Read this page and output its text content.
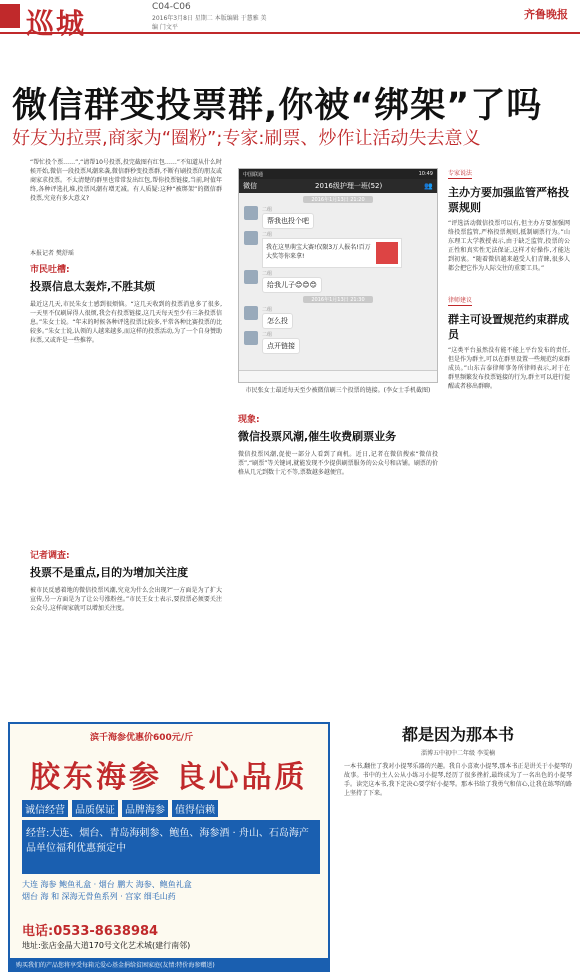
巡城	C04-C06
2016年3月8日 星期二 本版编辑 于慧雅 美编 门文平
齐鲁晚报
微信群变投票群,你被“绑架”了吗
好友为拉票,商家为“圈粉”;专家:刷票、炒作让活动失去意义
“帮忙投个票……”,“请帮10号投票,投完截图有红包……”不知道从什么时候开始,微信一段投票风潮来袭,微信群秒变投票群,不断有刷投票的朋友或商家求投票。不太清楚的群里也常常发出红包,帮你投票链接,当前,时值年终,各种评选扎堆,投票风潮有增无减。有人质疑:这种“被绑架”的微信群投票,究竟有多大意义?
本报记者 樊舒瑶
市民吐槽:
投票信息太轰炸,不胜其烦
最近这几天,市民朱女士感到很烦恼。“这几天收到的投票消息多了很多,一天里不仅刷屏得人很烦,我会有投票链接,这几天每天至少有三条投票信息。”朱女士说。“年末的时候各种评选投票比较多,平常各种比赛投票的比较多。”朱女士说,认领的人越来越多,而这样的投票活动,为了一个自身赞助拉票,又或许是一些推荐。
记者调查:
投票不是重点,目的为增加关注度
被市民反感着地的微信投票风潮,究竟为什么会出现?“一方面是为了扩大宣传,另一方面是为了让公号涨粉丝。”市民王女士表示,要投票必须要关注公众号,这样商家就可以增加关注度。
中国联通	10:49
微信	2016级护理一班(52)	👥
2016年1月13日 21:20
二组
帮我也投个吧
二组
我在这里萌宝大赛!仅限3万人报名!百万大奖等你来拿!
二组
给我儿子😊😊😊
2016年1月13日 21:30
二组
怎么投
二组
点开链接
市民张女士最近每天至少被微信刷三个投票的链接。(李女士手机截图)
现象:
微信投票风潮,催生收费刷票业务
微信投票风潮,促使一部分人看到了商机。近日,记者在微信搜索“微信投票”,“刷票”等关键词,就能发现不少提供刷票服务的公众号和店铺。刷票的价格从几元到数十元不等,票数越多越便宜。
专家说法
主办方要加强监管严格投票规则
“评选活动微信投票可以有,但主办方要加强网络投票监管,严格投票规则,抵制刷票行为。”山东理工大学教授表示,由于缺乏监管,投票的公正性和真实性无法保证,这样才好操作,才能达到初衷。“随着微信越来越受人们青睐,很多人都会把它作为人际交往的重要工具。”
律师建议
群主可设置规范约束群成员
“这类平台虽然没有能不能上平台发布的责任,但是作为群主,可以在群里设置一些规范约束群成员。”山东吉泰律师事务所律师表示,对于在群里频繁发布投票链接的行为,群主可以进行提醒或者移出群聊。
滨千海参优惠价600元/斤
胶东海参 良心品质
诚信经营	品质保证	品牌海参	值得信赖
经营:大连、烟台、青岛海刺参、鲍鱼、海参酒 · 舟山、石岛海产品单位福利优惠预定中
大连 海参 鲍鱼礼盒 · 烟台 鹏大 海参、鲍鱼礼盒
烟台 海 和 深海无骨鱼系列 · 宫家 细毛山药
电话:0533-8638984
地址:张店金晶大道170号文化艺术城(建行南邻)
购买我们的产品您将享受每箱元爱心基金捐给贫困家庭(友情:特价海参赠送)
都是因为那本书
淄博五中初中二年级 李雯楠
一本书,翻住了我对小提琴乐器的兴趣。我自小喜欢小提琴,那本书正是讲关于小提琴的故事。书中的主人公从小练习小提琴,经历了很多挫折,最终成为了一名出色的小提琴手。读完这本书,我下定决心要学好小提琴。那本书给了我勇气和信心,让我在练琴的路上坚持了下来。
